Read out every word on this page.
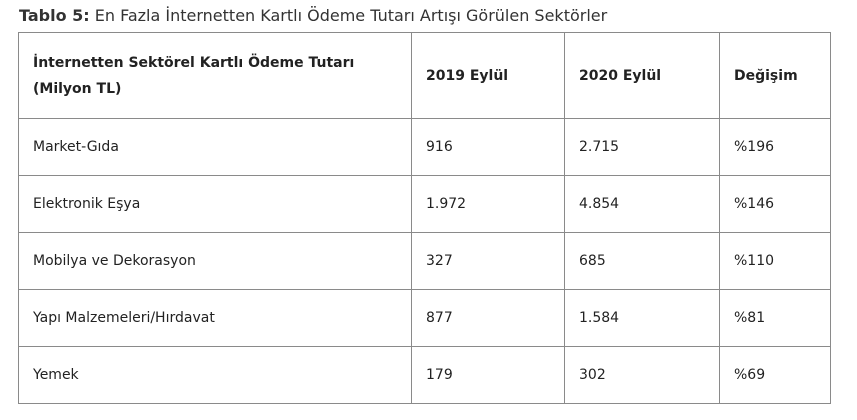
Tablo 5: En Fazla İnternetten Kartlı Ödeme Tutarı Artışı Görülen Sektörler
İnternetten Sektörel Kartlı Ödeme Tutarı (Milyon TL)	2019 Eylül	2020 Eylül	Değişim
Market-Gıda	916	2.715	%196
Elektronik Eşya	1.972	4.854	%146
Mobilya ve Dekorasyon	327	685	%110
Yapı Malzemeleri/Hırdavat	877	1.584	%81
Yemek	179	302	%69
